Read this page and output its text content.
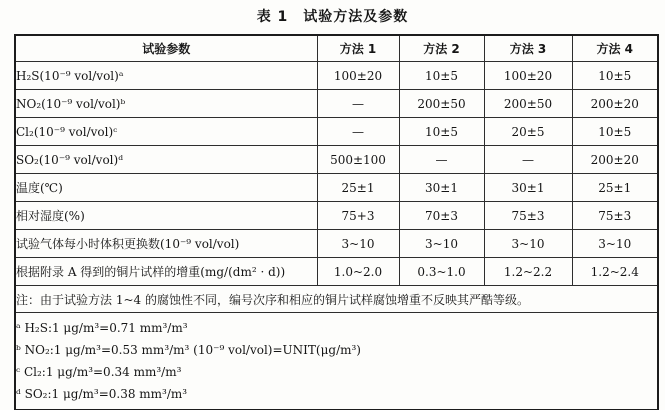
表 1　试验方法及参数
试验参数	方法 1	方法 2	方法 3	方法 4
H₂S(10⁻⁹ vol/vol)ᵃ	100±20	10±5	100±20	10±5
NO₂(10⁻⁹ vol/vol)ᵇ	—	200±50	200±50	200±20
Cl₂(10⁻⁹ vol/vol)ᶜ	—	10±5	20±5	10±5
SO₂(10⁻⁹ vol/vol)ᵈ	500±100	—	—	200±20
温度(℃)	25±1	30±1	30±1	25±1
相对湿度(%)	75+3	70±3	75±3	75±3
试验气体每小时体积更换数(10⁻⁹ vol/vol)	3~10	3~10	3~10	3~10
根据附录 A 得到的铜片试样的增重(mg/(dm² · d))	1.0~2.0	0.3~1.0	1.2~2.2	1.2~2.4
注：由于试验方法 1~4 的腐蚀性不同，编号次序和相应的铜片试样腐蚀增重不反映其严酷等级。				

ᵃ H₂S:1 μg/m³=0.71 mm³/m³
ᵇ NO₂:1 μg/m³=0.53 mm³/m³ (10⁻⁹ vol/vol)=UNIT(μg/m³)
ᶜ Cl₂:1 μg/m³=0.34 mm³/m³
ᵈ SO₂:1 μg/m³=0.38 mm³/m³				
